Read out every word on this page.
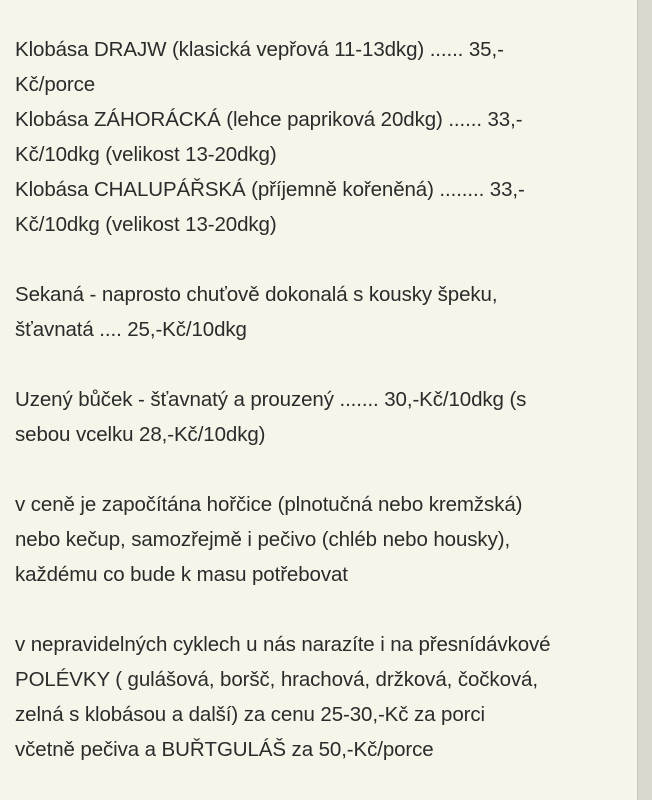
Klobása DRAJW (klasická vepřová 11-13dkg) ...... 35,-
Kč/porce
Klobása ZÁHORÁCKÁ (lehce papriková 20dkg) ...... 33,-
Kč/10dkg (velikost 13-20dkg)
Klobása CHALUPÁŘSKÁ (příjemně kořeněná) ........ 33,-
Kč/10dkg (velikost 13-20dkg)
Sekaná - naprosto chuťově dokonalá s kousky špeku,
šťavnatá .... 25,-Kč/10dkg
Uzený bůček - šťavnatý a prouzený ....... 30,-Kč/10dkg (s
sebou vcelku 28,-Kč/10dkg)
v ceně je započítána hořčice (plnotučná nebo kremžská)
nebo kečup, samozřejmě i pečivo (chléb nebo housky),
každému co bude k masu potřebovat
v nepravidelných cyklech u nás narazíte i na přesnídávkové
POLÉVKY ( gulášová, boršč, hrachová, držková, čočková,
zelná s klobásou a další) za cenu 25-30,-Kč za porci
včetně pečiva a BUŘTGULÁŠ za 50,-Kč/porce
